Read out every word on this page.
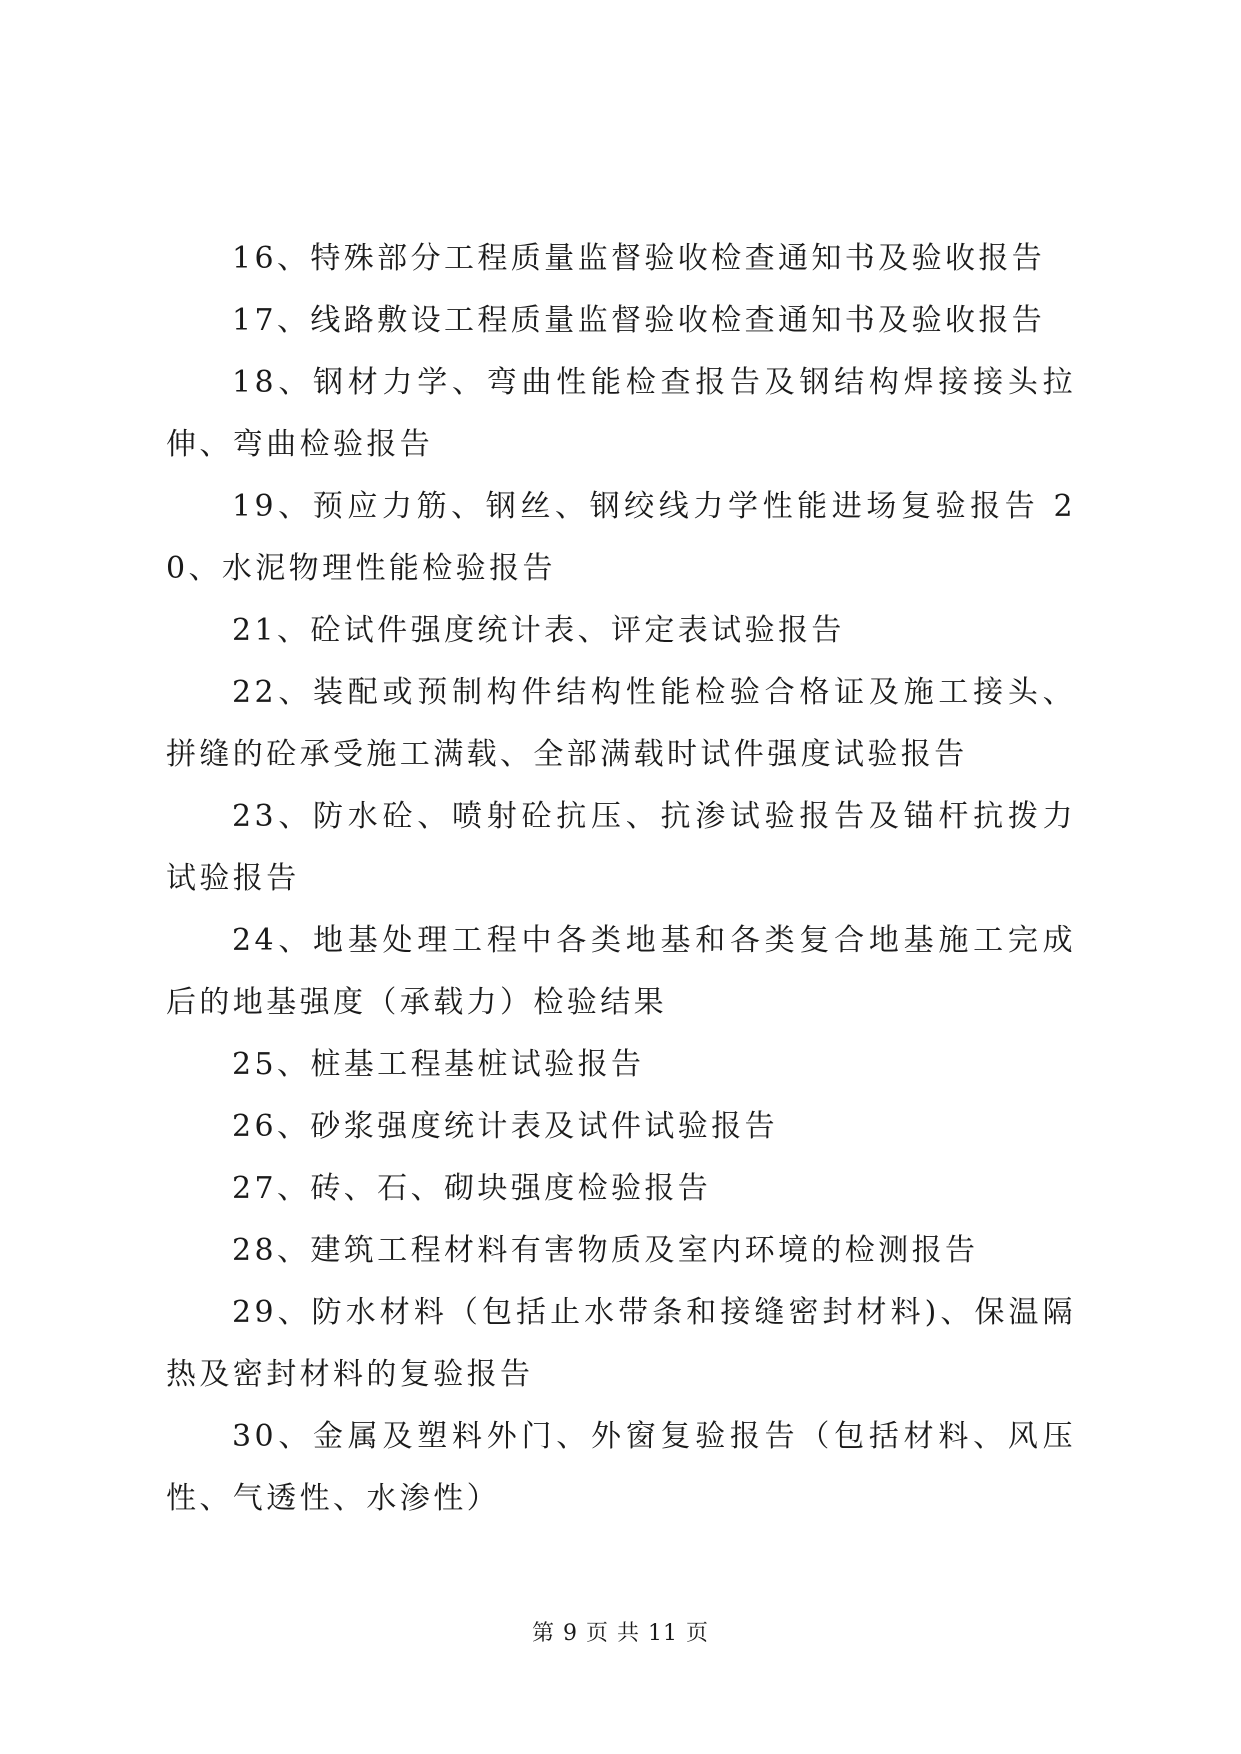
16、特殊部分工程质量监督验收检查通知书及验收报告

17、线路敷设工程质量监督验收检查通知书及验收报告

18、钢材力学、弯曲性能检查报告及钢结构焊接接头拉伸、弯曲检验报告

19、预应力筋、钢丝、钢绞线力学性能进场复验报告 20、水泥物理性能检验报告

21、砼试件强度统计表、评定表试验报告

22、装配或预制构件结构性能检验合格证及施工接头、拼缝的砼承受施工满载、全部满载时试件强度试验报告

23、防水砼、喷射砼抗压、抗渗试验报告及锚杆抗拨力试验报告

24、地基处理工程中各类地基和各类复合地基施工完成后的地基强度（承载力）检验结果

25、桩基工程基桩试验报告

26、砂浆强度统计表及试件试验报告

27、砖、石、砌块强度检验报告

28、建筑工程材料有害物质及室内环境的检测报告

29、防水材料（包括止水带条和接缝密封材料)、保温隔热及密封材料的复验报告

30、金属及塑料外门、外窗复验报告（包括材料、风压性、气透性、水渗性）

第 9 页 共 11 页
